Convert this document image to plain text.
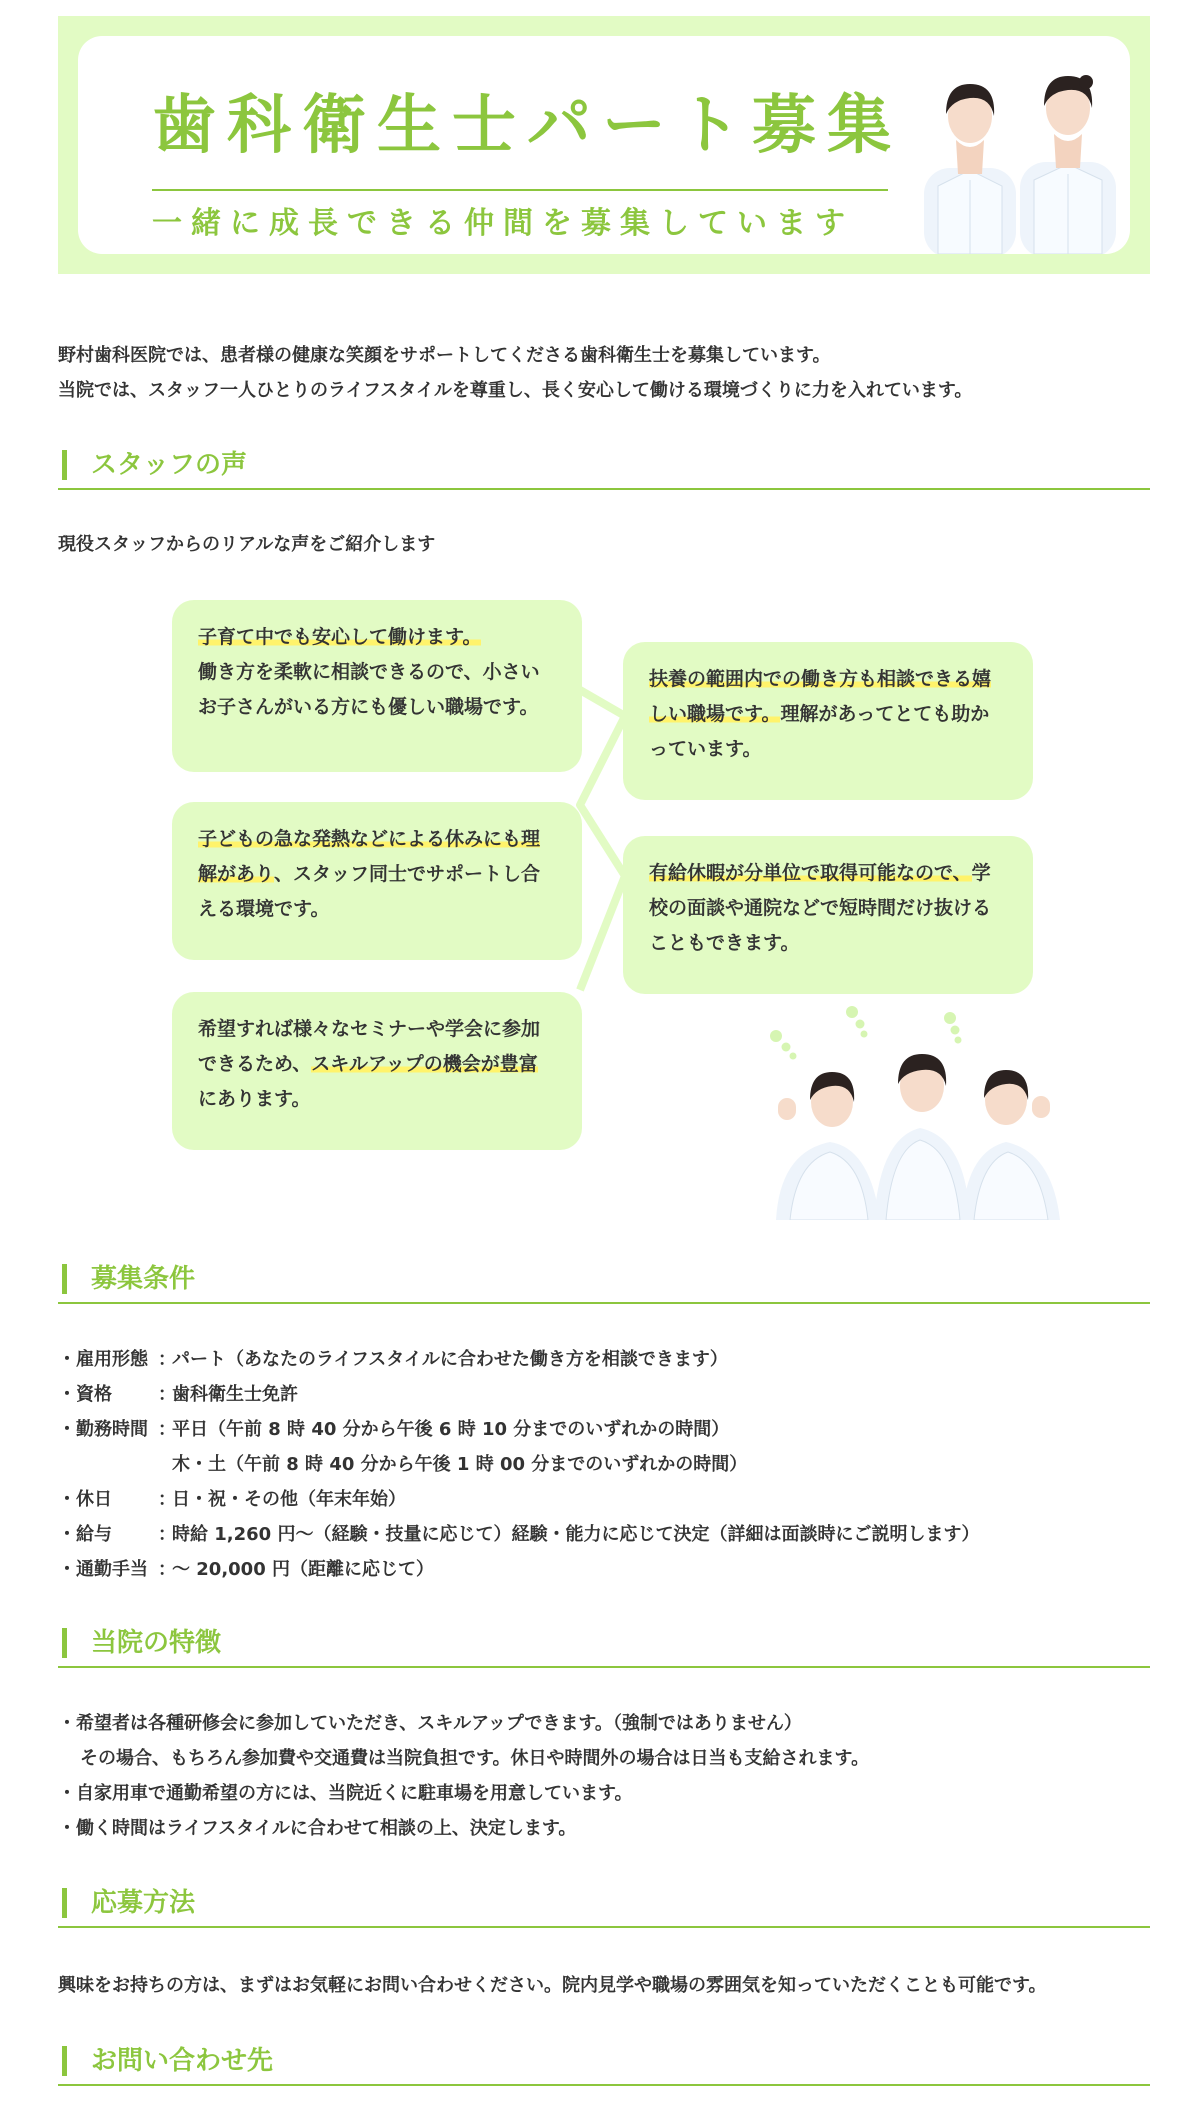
歯科衛生士パート募集
一緒に成長できる仲間を募集しています
野村歯科医院では、患者様の健康な笑顔をサポートしてくださる歯科衛生士を募集しています。
当院では、スタッフ一人ひとりのライフスタイルを尊重し、長く安心して働ける環境づくりに力を入れています。
スタッフの声
現役スタッフからのリアルな声をご紹介します
子育て中でも安心して働けます。
働き方を柔軟に相談できるので、小さいお子さんがいる方にも優しい職場です。
扶養の範囲内での働き方も相談できる嬉しい職場です。理解があってとても助かっています。
子どもの急な発熱などによる休みにも理解があり、スタッフ同士でサポートし合える環境です。
有給休暇が分単位で取得可能なので、学校の面談や通院などで短時間だけ抜けることもできます。
希望すれば様々なセミナーや学会に参加できるため、スキルアップの機会が豊富にあります。
募集条件
・雇用形態 ：パート（あなたのライフスタイルに合わせた働き方を相談できます）
・資格	：歯科衛生士免許
・勤務時間 ：平日（午前 8 時 40 分から午後 6 時 10 分までのいずれかの時間）
木・土（午前 8 時 40 分から午後 1 時 00 分までのいずれかの時間）
・休日	：日・祝・その他（年末年始）
・給与	：時給 1,260 円～（経験・技量に応じて）経験・能力に応じて決定（詳細は面談時にご説明します）
・通勤手当 ：～ 20,000 円（距離に応じて）
当院の特徴
・希望者は各種研修会に参加していただき、スキルアップできます。（強制ではありません）
その場合、もちろん参加費や交通費は当院負担です。休日や時間外の場合は日当も支給されます。
・自家用車で通勤希望の方には、当院近くに駐車場を用意しています。
・働く時間はライフスタイルに合わせて相談の上、決定します。
応募方法
興味をお持ちの方は、まずはお気軽にお問い合わせください。院内見学や職場の雰囲気を知っていただくことも可能です。
お問い合わせ先
